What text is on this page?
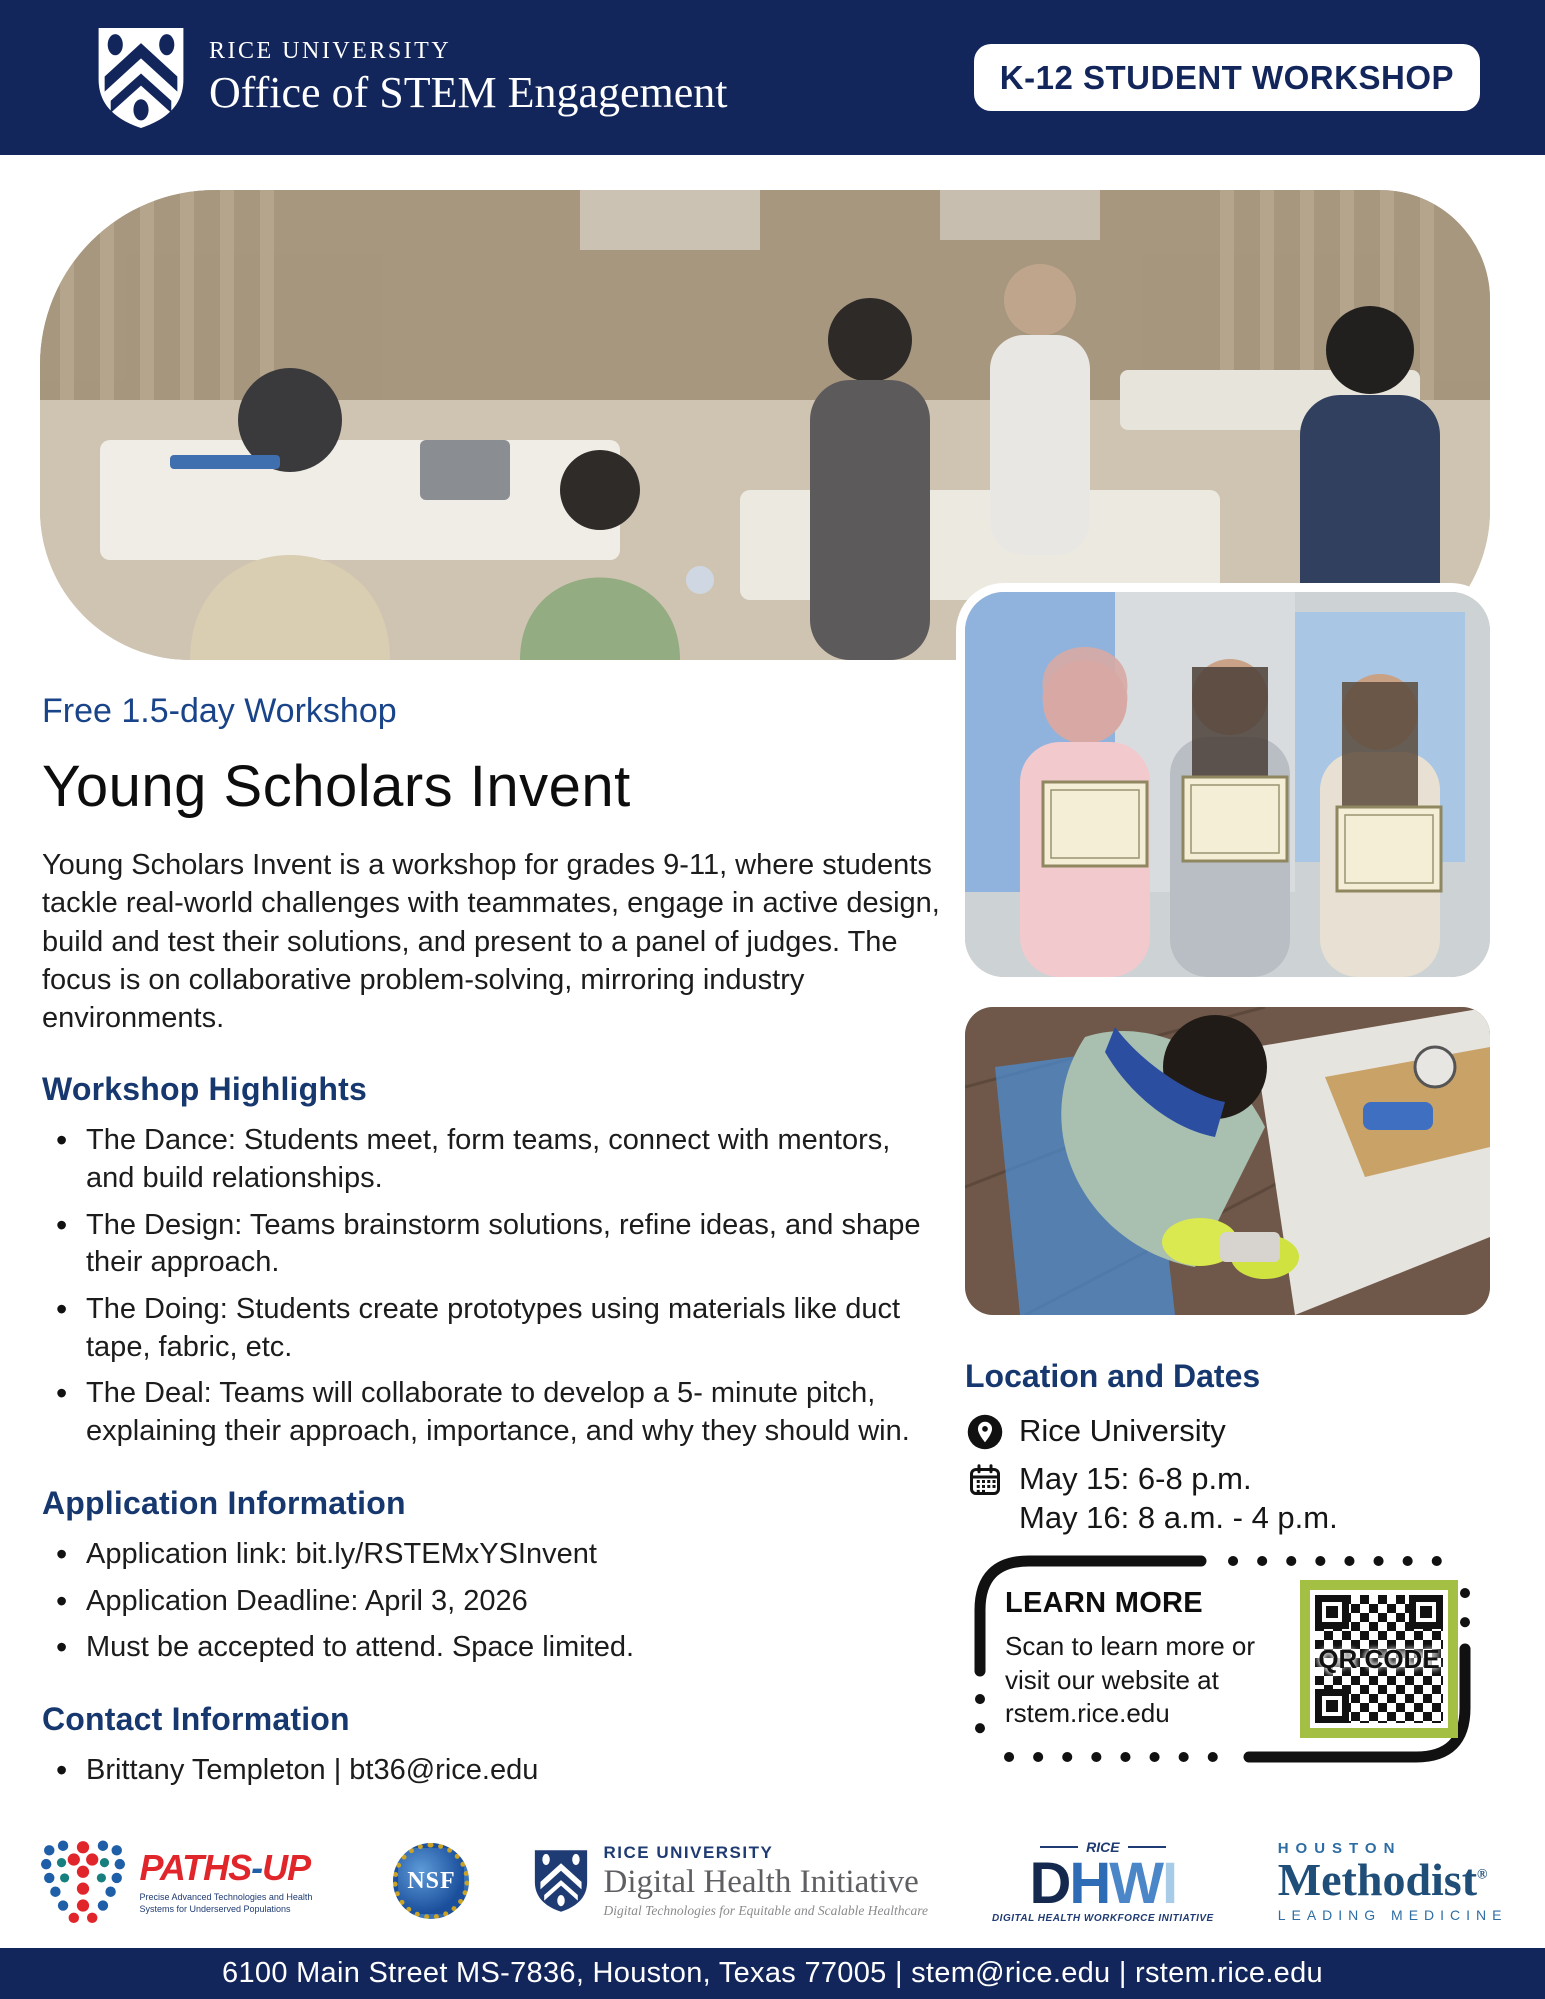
RICE UNIVERSITY
Office of STEM Engagement	K-12 STUDENT WORKSHOP
Free 1.5-day Workshop
Young Scholars Invent

Young Scholars Invent is a workshop for grades 9-11, where students tackle real-world challenges with teammates, engage in active design, build and test their solutions, and present to a panel of judges. The focus is on collaborative problem-solving, mirroring industry environments.

Workshop Highlights
• The Dance: Students meet, form teams, connect with mentors, and build relationships.
• The Design: Teams brainstorm solutions, refine ideas, and shape their approach.
• The Doing: Students create prototypes using materials like duct tape, fabric, etc.
• The Deal: Teams will collaborate to develop a 5- minute pitch, explaining their approach, importance, and why they should win.
Application Information
• Application link: bit.ly/RSTEMxYSInvent
• Application Deadline: April 3, 2026
• Must be accepted to attend. Space limited.
Contact Information
• Brittany Templeton | bt36@rice.edu
Location and Dates
Rice University
May 15: 6-8 p.m.
May 16: 8 a.m. - 4 p.m.
LEARN MORE

Scan to learn more or visit our website at rstem.rice.edu

QR CODE
PATHS-UP
Precise Advanced Technologies and Health Systems for Underserved Populations
NSF
RICE UNIVERSITY
Digital Health Initiative
Digital Technologies for Equitable and Scalable Healthcare
RICE
DHWI
DIGITAL HEALTH WORKFORCE INITIATIVE
HOUSTON
Methodist®
LEADING MEDICINE
6100 Main Street MS-7836, Houston, Texas 77005 | stem@rice.edu | rstem.rice.edu
